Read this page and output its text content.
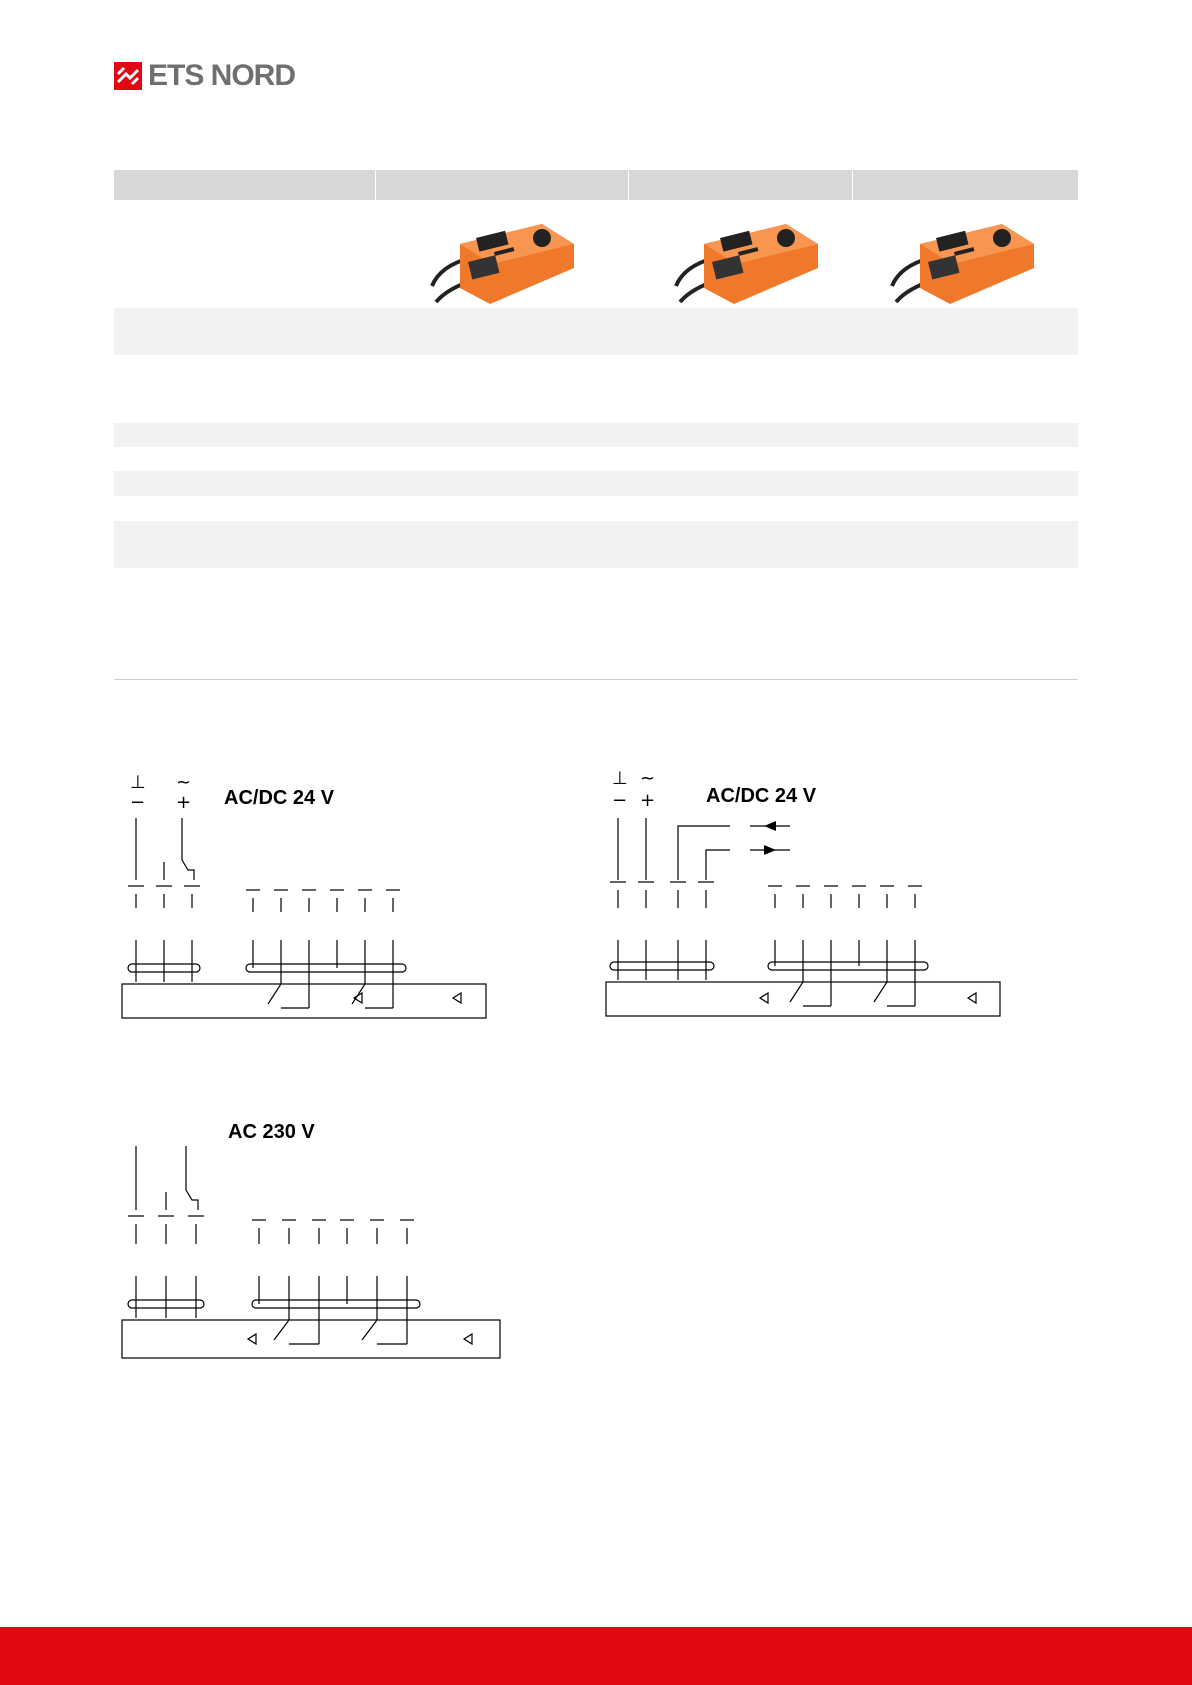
ETS NORD
⊥
−
~
+ AC/DC 24 V
⊥
−
~
+	AC/DC 24 V
AC 230 V
